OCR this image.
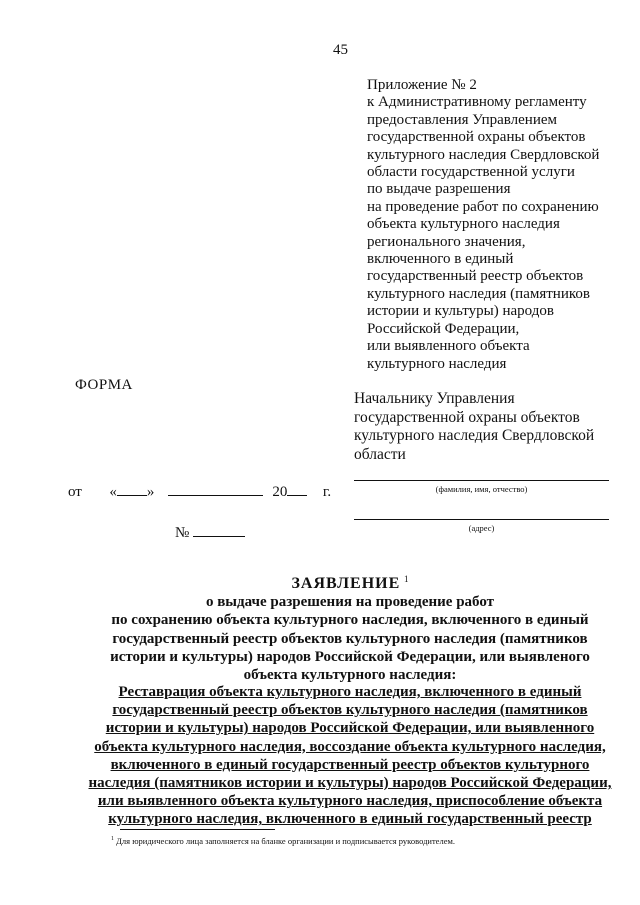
45
Приложение № 2
к Административному регламенту
предоставления Управлением
государственной охраны объектов
культурного наследия Свердловской
области государственной услуги
по выдаче разрешения
на проведение работ по сохранению
объекта культурного наследия
регионального значения,
включенного в единый
государственный реестр объектов
культурного наследия (памятников
истории и культуры) народов
Российской Федерации,
или выявленного объекта
культурного наследия
ФОРМА
Начальнику Управления
государственной охраны объектов
культурного наследия Свердловской
области
(фамилия, имя, отчество)
(адрес)
от « »	20 г.
№
ЗАЯВЛЕНИЕ $^1$
о выдаче разрешения на проведение работ
по сохранению объекта культурного наследия, включенного в единый
государственный реестр объектов культурного наследия (памятников
истории и культуры) народов Российской Федерации, или выявленого
объекта культурного наследия:
Реставрация объекта культурного наследия, включенного в единый
государственный реестр объектов культурного наследия (памятников
истории и культуры) народов Российской Федерации, или выявленного
объекта культурного наследия, воссоздание объекта культурного наследия,
включенного в единый государственный реестр объектов культурного
наследия (памятников истории и культуры) народов Российской Федерации,
или выявленного объекта культурного наследия, приспособление объекта
культурного наследия, включенного в единый государственный реестр
$^1$ Для юридического лица заполняется на бланке организации и подписывается руководителем.
